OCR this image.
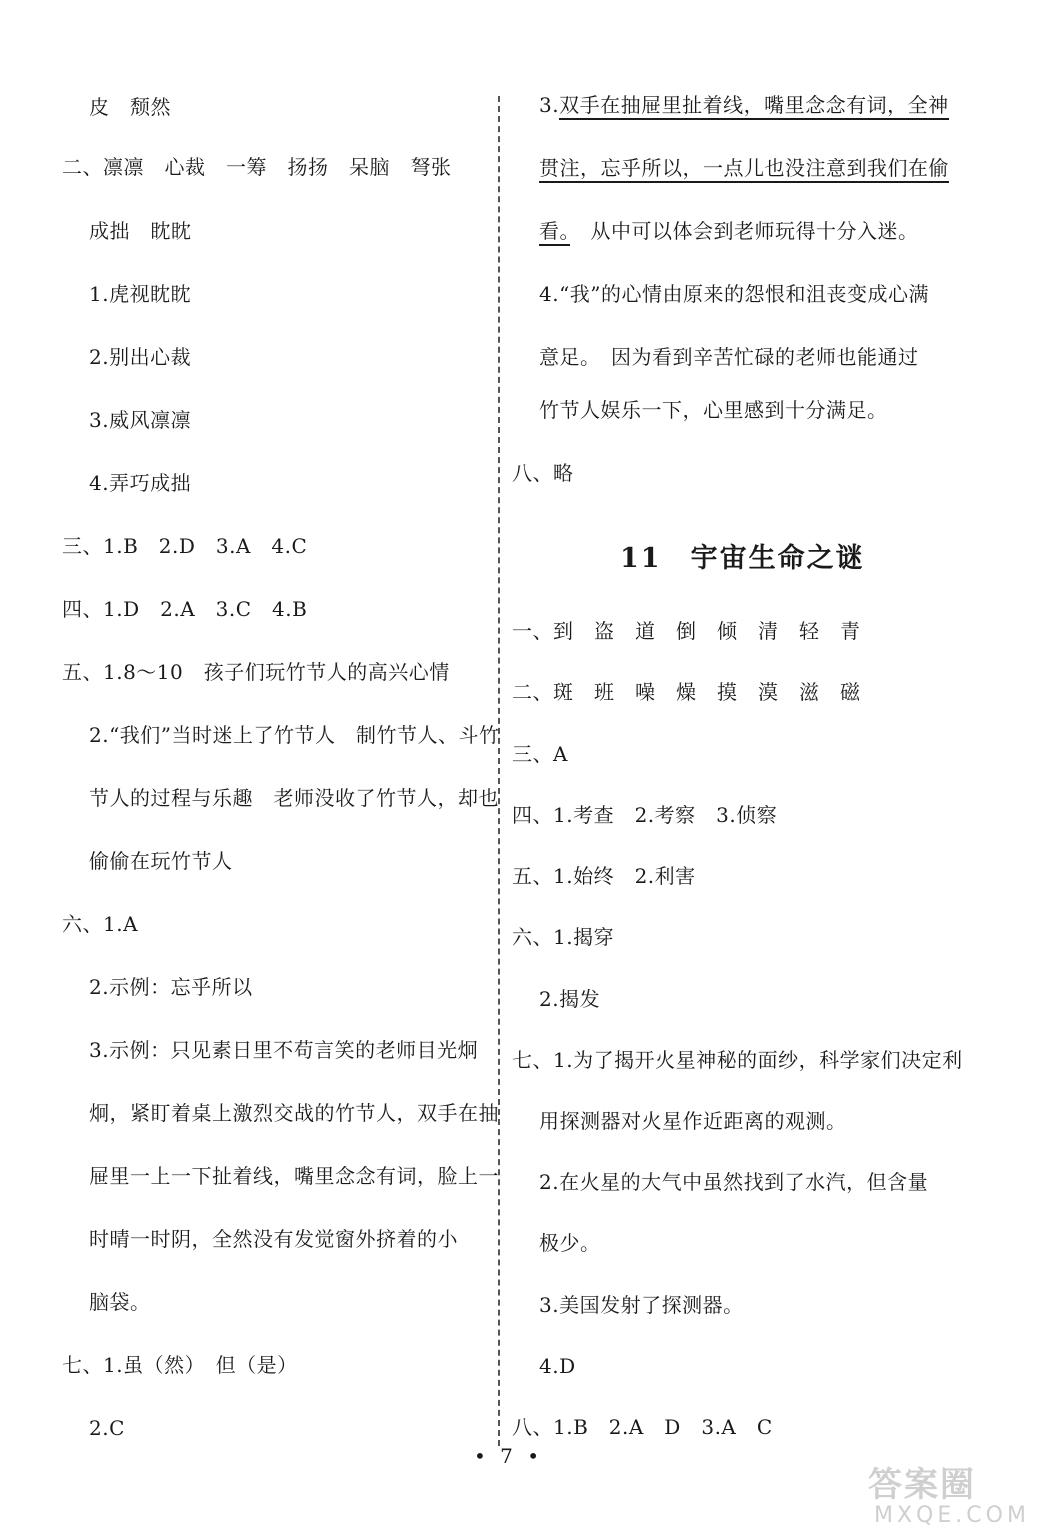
皮　颓然
二、凛凛　心裁　一筹　扬扬　呆脑　弩张
成拙　眈眈
1.虎视眈眈
2.别出心裁
3.威风凛凛
4.弄巧成拙
三、1.B　2.D　3.A　4.C
四、1.D　2.A　3.C　4.B
五、1.8～10　孩子们玩竹节人的高兴心情
2.“我们”当时迷上了竹节人　制竹节人、斗竹
节人的过程与乐趣　老师没收了竹节人，却也
偷偷在玩竹节人
六、1.A
2.示例：忘乎所以
3.示例：只见素日里不苟言笑的老师目光炯
炯，紧盯着桌上激烈交战的竹节人，双手在抽
屉里一上一下扯着线，嘴里念念有词，脸上一
时晴一时阴，全然没有发觉窗外挤着的小
脑袋。
七、1.虽（然）　但（是）
2.C
3.双手在抽屉里扯着线，嘴里念念有词，全神
贯注，忘乎所以，一点儿也没注意到我们在偷
看。　从中可以体会到老师玩得十分入迷。
4.“我”的心情由原来的怨恨和沮丧变成心满
意足。　因为看到辛苦忙碌的老师也能通过
竹节人娱乐一下，心里感到十分满足。
八、略
11　宇宙生命之谜
一、到　盗　道　倒　倾　清　轻　青
二、斑　班　噪　燥　摸　漠　滋　磁
三、A
四、1.考查　2.考察　3.侦察
五、1.始终　2.利害
六、1.揭穿
2.揭发
七、1.为了揭开火星神秘的面纱，科学家们决定利
用探测器对火星作近距离的观测。
2.在火星的大气中虽然找到了水汽，但含量
极少。
3.美国发射了探测器。
4.D
八、1.B　2.A　D　3.A　C
• 7 •
答案圈
MXQE.COM
